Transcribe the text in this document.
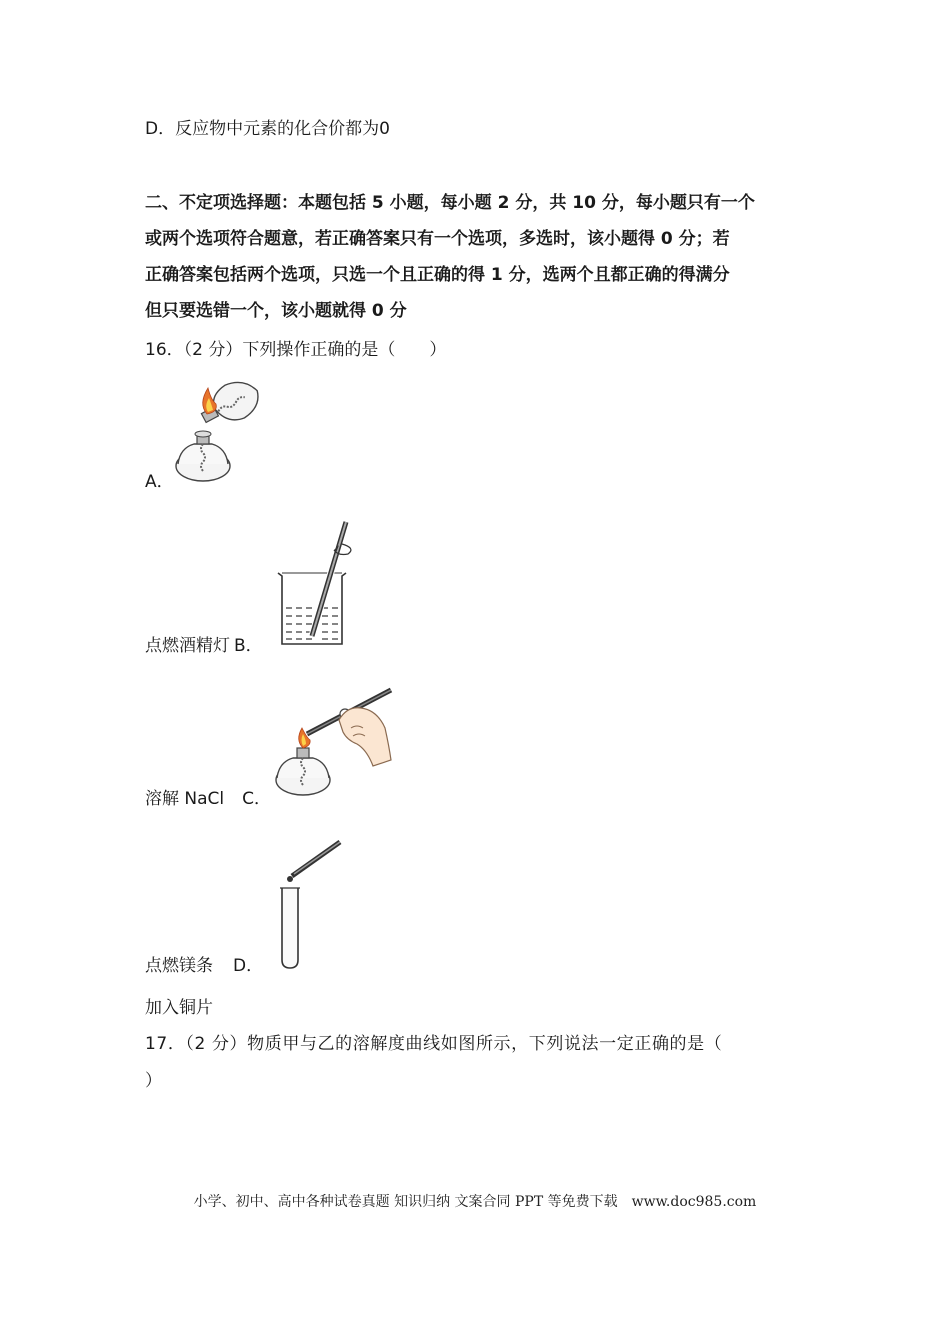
D．反应物中元素的化合价都为0
二、不定项选择题：本题包括 5 小题，每小题 2 分，共 10 分，每小题只有一个
或两个选项符合题意，若正确答案只有一个选项，多选时，该小题得 0 分；若
正确答案包括两个选项，只选一个且正确的得 1 分，选两个且都正确的得满分
但只要选错一个，该小题就得 0 分
16．（2 分）下列操作正确的是（　　）
A．
点燃酒精灯 B．
溶解 NaCl C．
点燃镁条 D．
加入铜片
17．（2 分）物质甲与乙的溶解度曲线如图所示，下列说法一定正确的是（
）
小学、初中、高中各种试卷真题 知识归纳 文案合同 PPT 等免费下载　www.doc985.com
